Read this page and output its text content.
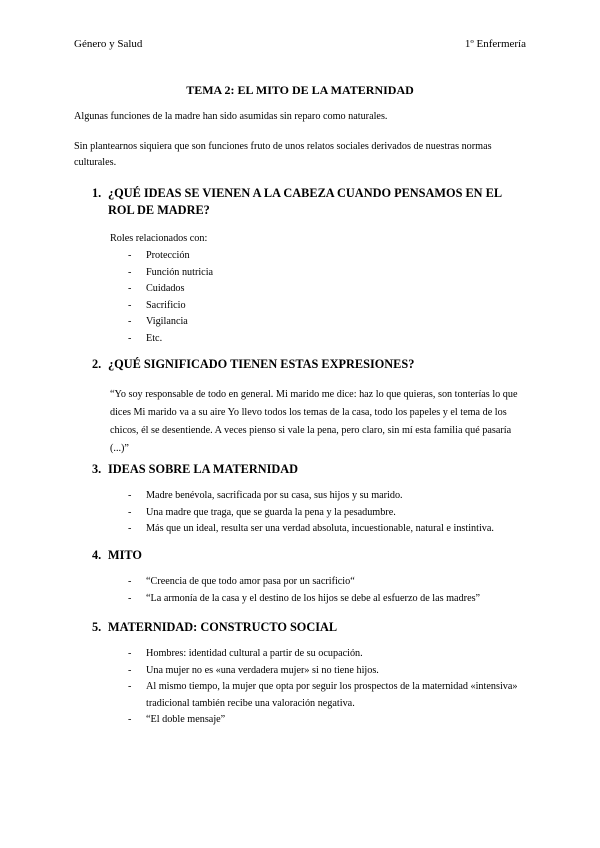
Género y Salud	1º Enfermería
TEMA 2: EL MITO DE LA MATERNIDAD
Algunas funciones de la madre han sido asumidas sin reparo como naturales.
Sin plantearnos siquiera que son funciones fruto de unos relatos sociales derivados de nuestras normas culturales.
1. ¿QUÉ IDEAS SE VIENEN A LA CABEZA CUANDO PENSAMOS EN EL ROL DE MADRE?
Roles relacionados con:
- Protección
- Función nutricia
- Cuidados
- Sacrificio
- Vigilancia
- Etc.
2. ¿QUÉ SIGNIFICADO TIENEN ESTAS EXPRESIONES?
“Yo soy responsable de todo en general. Mi marido me dice: haz lo que quieras, son tonterías lo que dices Mi marido va a su aire Yo llevo todos los temas de la casa, todo los papeles y el tema de los chicos, él se desentiende. A veces pienso si vale la pena, pero claro, sin mí esta familia qué pasaría (...)”
3. IDEAS SOBRE LA MATERNIDAD
- Madre benévola, sacrificada por su casa, sus hijos y su marido.
- Una madre que traga, que se guarda la pena y la pesadumbre.
- Más que un ideal, resulta ser una verdad absoluta, incuestionable, natural e instintiva.
4. MITO
- “Creencia de que todo amor pasa por un sacrificio“
- “La armonía de la casa y el destino de los hijos se debe al esfuerzo de las madres”
5. MATERNIDAD: CONSTRUCTO SOCIAL
- Hombres: identidad cultural a partir de su ocupación.
- Una mujer no es «una verdadera mujer» si no tiene hijos.
- Al mismo tiempo, la mujer que opta por seguir los prospectos de la maternidad «intensiva» tradicional también recibe una valoración negativa.
- “El doble mensaje”
